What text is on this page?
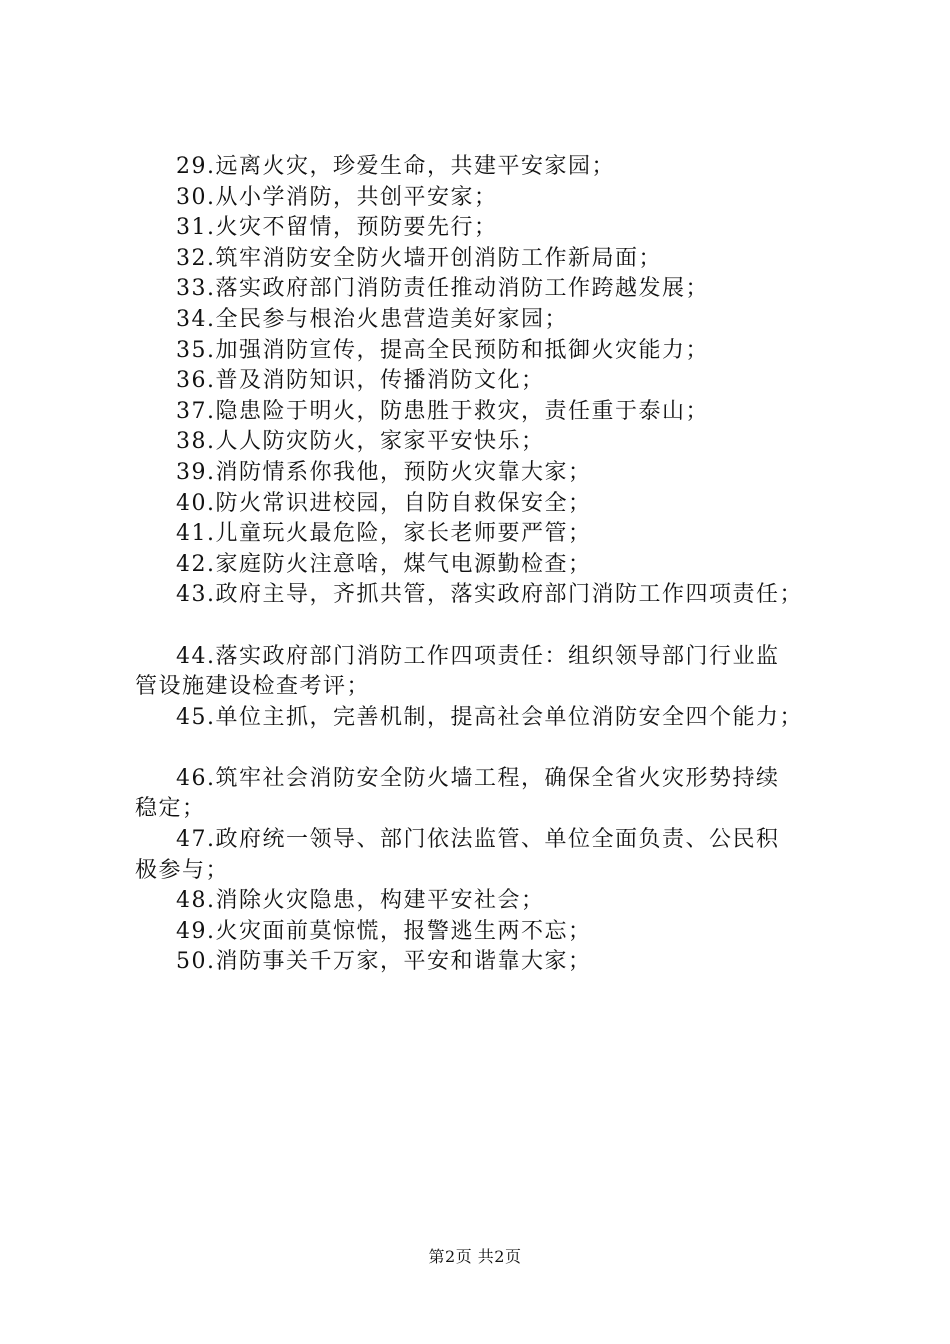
29.远离火灾，珍爱生命，共建平安家园；
30.从小学消防，共创平安家；
31.火灾不留情，预防要先行；
32.筑牢消防安全防火墙开创消防工作新局面；
33.落实政府部门消防责任推动消防工作跨越发展；
34.全民参与根治火患营造美好家园；
35.加强消防宣传，提高全民预防和抵御火灾能力；
36.普及消防知识，传播消防文化；
37.隐患险于明火，防患胜于救灾，责任重于泰山；
38.人人防灾防火，家家平安快乐；
39.消防情系你我他，预防火灾靠大家；
40.防火常识进校园，自防自救保安全；
41.儿童玩火最危险，家长老师要严管；
42.家庭防火注意啥，煤气电源勤检查；
43.政府主导，齐抓共管，落实政府部门消防工作四项责任；
44.落实政府部门消防工作四项责任：组织领导部门行业监
管设施建设检查考评；
45.单位主抓，完善机制，提高社会单位消防安全四个能力；
46.筑牢社会消防安全防火墙工程，确保全省火灾形势持续
稳定；
47.政府统一领导、部门依法监管、单位全面负责、公民积
极参与；
48.消除火灾隐患，构建平安社会；
49.火灾面前莫惊慌，报警逃生两不忘；
50.消防事关千万家，平安和谐靠大家；
第2页 共2页
